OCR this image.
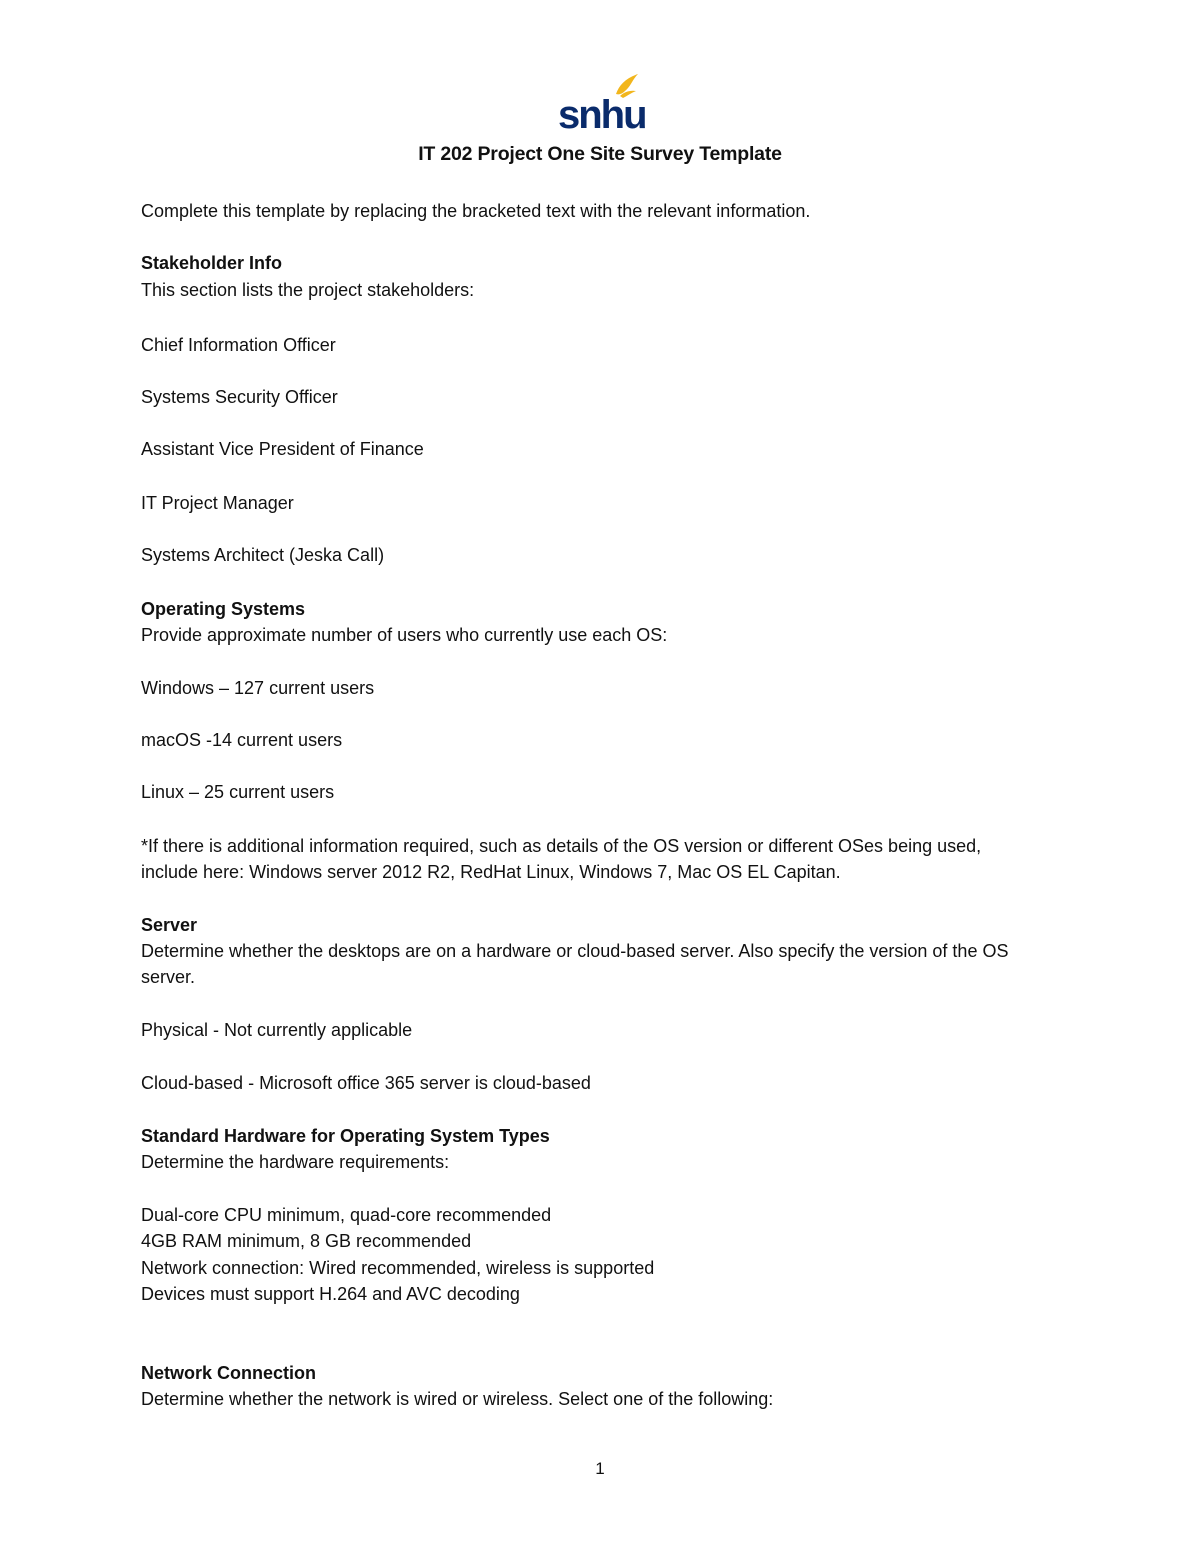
snhu
IT 202 Project One Site Survey Template
Complete this template by replacing the bracketed text with the relevant information.
Stakeholder Info
This section lists the project stakeholders:
Chief Information Officer
Systems Security Officer
Assistant Vice President of Finance
IT Project Manager
Systems Architect (Jeska Call)
Operating Systems
Provide approximate number of users who currently use each OS:
Windows – 127 current users
macOS -14 current users
Linux – 25 current users
*If there is additional information required, such as details of the OS version or different OSes being used, include here: Windows server 2012 R2, RedHat Linux, Windows 7, Mac OS EL Capitan.
Server
Determine whether the desktops are on a hardware or cloud-based server. Also specify the version of the OS server.
Physical - Not currently applicable
Cloud-based - Microsoft office 365 server is cloud-based
Standard Hardware for Operating System Types
Determine the hardware requirements:
Dual-core CPU minimum, quad-core recommended
4GB RAM minimum, 8 GB recommended
Network connection: Wired recommended, wireless is supported
Devices must support H.264 and AVC decoding
Network Connection
Determine whether the network is wired or wireless. Select one of the following:
1
